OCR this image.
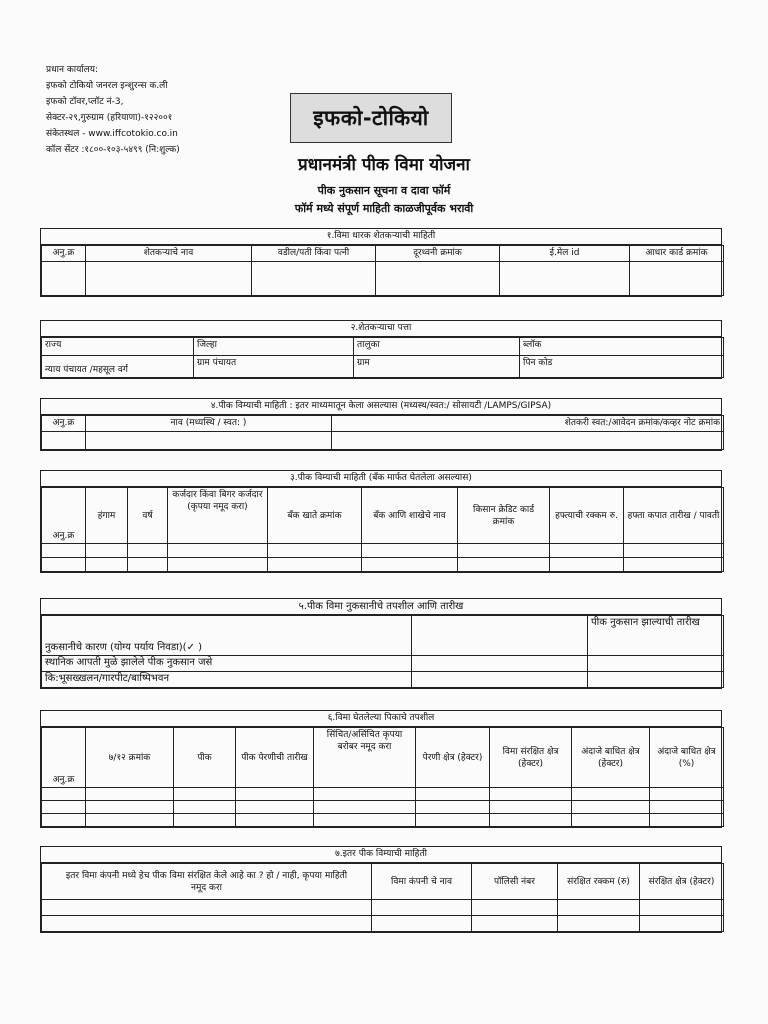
प्रधान कार्यालय:
इफको टोकियो जनरल इन्शुरन्स क.ली
इफको टॉवर,प्लॉट नं-3,
सेक्टर-२९,गुरुग्राम (हरियाणा)-१२२००१
संकेतस्थल - www.iffcotokio.co.in
कॉल सेंटर :१८००-१०३-५४९९ (नि:शुल्क)
इफको-टोकियो
प्रधानमंत्री पीक विमा योजना
पीक नुकसान सूचना व दावा फॉर्म
फॉर्म मध्ये संपूर्ण माहिती काळजीपूर्वक भरावी
१.विमा धारक शेतकऱ्याची माहिती
अनु.क्र	शेतकऱ्याचे नाव	वडील/पती किंवा पत्नी	दूरध्वनी क्रमांक	ई.मेल id	आधार कार्ड क्रमांक

२.शेतकऱ्याचा पत्ता
राज्य	जिल्हा	तालुका	ब्लॉक
न्याय पंचायत /महसूल वर्ग	ग्राम पंचायत	ग्राम	पिन कोड
४.पीक विम्याची माहिती : इतर माध्यमातून केला असल्यास (मध्यस्थ/स्वत:/ सोसायटी /LAMPS/GIPSA)
अनु.क्र	नाव (मध्यस्थि / स्वत: )	शेतकरी स्वत:/आवेदन क्रमांक/कव्हर नोट क्रमांक

३.पीक विम्याची माहिती (बँक मार्फत घेतलेला असल्यास)
अनु.क्र	हंगाम	वर्ष	कर्जदार किंवा बिगर कर्जदार (कृपया नमूद करा)	बँक खाते क्रमांक	बँक आणि शाखेचे नाव	किसान क्रेडिट कार्ड क्रमांक	हफ्त्याची रक्कम रु.	हफ्ता कपात तारीख / पावती

५.पीक विमा नुकसानीचे तपशील आणि तारीख
नुकसानीचे कारण (योग्य पर्याय निवडा)(✓ )		पीक नुकसान झाल्याची तारीख
स्थानिक आपती मुळे झालेले पीक नुकसान जसे		
कि:भूसख्खलन/गारपीट/बाष्पिभवन		
६.विमा घेतलेल्या पिकाचे तपशील
अनु.क्र	७/१२ क्रमांक	पीक	पीक पेरणीची तारीख	सिंचित/असिंचित कृपया बरोबर नमूद करा	पेरणी क्षेत्र (हेक्टर)	विमा संरक्षित क्षेत्र (हेक्टर)	अंदाजे बाधित क्षेत्र (हेक्टर)	अंदाजे बाधित क्षेत्र (%)

७.इतर पीक विम्याची माहिती
इतर विमा कंपनी मध्ये हेच पीक विमा संरक्षित केले आहे का ? हो / नाही, कृपया माहिती नमूद करा	विमा कंपनी चे नाव	पॉलिसी नंबर	संरक्षित रक्कम (रु)	संरक्षित क्षेत्र (हेक्टर)
